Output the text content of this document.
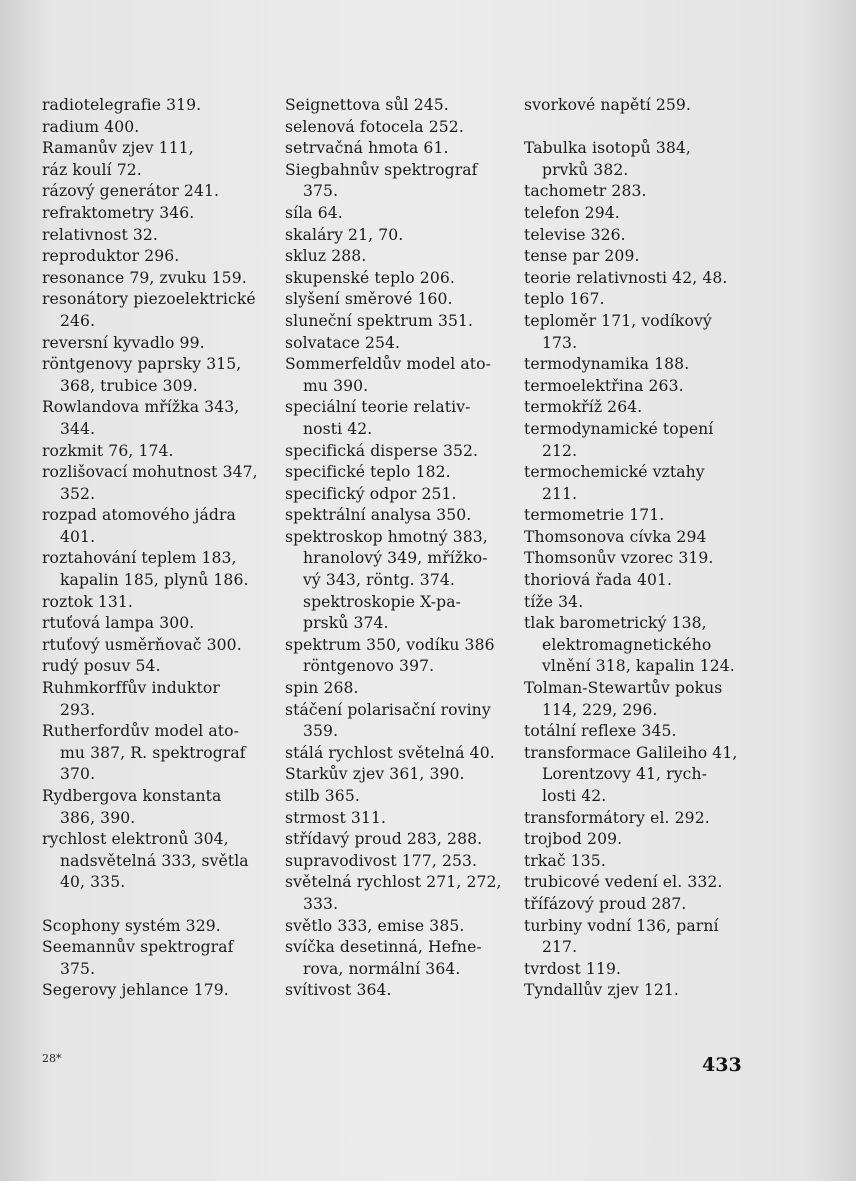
radiotelegrafie 319.
radium 400.
Ramanův zjev 111,
ráz koulí 72.
rázový generátor 241.
refraktometry 346.
relativnost 32.
reproduktor 296.
resonance 79, zvuku 159.
resonátory piezoelektrické
246.
reversní kyvadlo 99.
röntgenovy paprsky 315,
368, trubice 309.
Rowlandova mřížka 343,
344.
rozkmit 76, 174.
rozlišovací mohutnost 347,
352.
rozpad atomového jádra
401.
roztahování teplem 183,
kapalin 185, plynů 186.
roztok 131.
rtuťová lampa 300.
rtuťový usměrňovač 300.
rudý posuv 54.
Ruhmkorffův induktor
293.
Rutherfordův model ato-
mu 387, R. spektrograf
370.
Rydbergova konstanta
386, 390.
rychlost elektronů 304,
nadsvětelná 333, světla
40, 335.
Scophony systém 329.
Seemannův spektrograf
375.
Segerovy jehlance 179.
Seignettova sůl 245.
selenová fotocela 252.
setrvačná hmota 61.
Siegbahnův spektrograf
375.
síla 64.
skaláry 21, 70.
skluz 288.
skupenské teplo 206.
slyšení směrové 160.
sluneční spektrum 351.
solvatace 254.
Sommerfeldův model ato-
mu 390.
speciální teorie relativ-
nosti 42.
specifická disperse 352.
specifické teplo 182.
specifický odpor 251.
spektrální analysa 350.
spektroskop hmotný 383,
hranolový 349, mřížko-
vý 343, röntg. 374.
spektroskopie X-pa-
prsků 374.
spektrum 350, vodíku 386
röntgenovo 397.
spin 268.
stáčení polarisační roviny
359.
stálá rychlost světelná 40.
Starkův zjev 361, 390.
stilb 365.
strmost 311.
střídavý proud 283, 288.
supravodivost 177, 253.
světelná rychlost 271, 272,
333.
světlo 333, emise 385.
svíčka desetinná, Hefne-
rova, normální 364.
svítivost 364.
svorkové napětí 259.
Tabulka isotopů 384,
prvků 382.
tachometr 283.
telefon 294.
televise 326.
tense par 209.
teorie relativnosti 42, 48.
teplo 167.
teploměr 171, vodíkový
173.
termodynamika 188.
termoelektřina 263.
termokříž 264.
termodynamické topení
212.
termochemické vztahy
211.
termometrie 171.
Thomsonova cívka 294
Thomsonův vzorec 319.
thoriová řada 401.
tíže 34.
tlak barometrický 138,
elektromagnetického
vlnění 318, kapalin 124.
Tolman-Stewartův pokus
114, 229, 296.
totální reflexe 345.
transformace Galileiho 41,
Lorentzovy 41, rych-
losti 42.
transformátory el. 292.
trojbod 209.
trkač 135.
trubicové vedení el. 332.
třífázový proud 287.
turbiny vodní 136, parní
217.
tvrdost 119.
Tyndallův zjev 121.
28*	433
